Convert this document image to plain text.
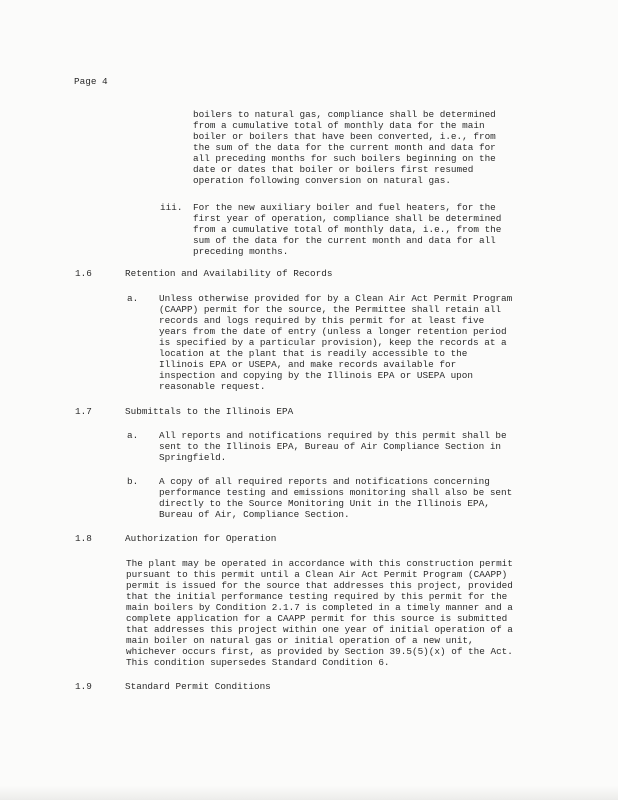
Page 4
boilers to natural gas, compliance shall be determined
from a cumulative total of monthly data for the main
boiler or boilers that have been converted, i.e., from
the sum of the data for the current month and data for
all preceding months for such boilers beginning on the
date or dates that boiler or boilers first resumed
operation following conversion on natural gas.
iii. For the new auxiliary boiler and fuel heaters, for the
first year of operation, compliance shall be determined
from a cumulative total of monthly data, i.e., from the
sum of the data for the current month and data for all
preceding months.
1.6	Retention and Availability of Records
a. Unless otherwise provided for by a Clean Air Act Permit Program
(CAAPP) permit for the source, the Permittee shall retain all
records and logs required by this permit for at least five
years from the date of entry (unless a longer retention period
is specified by a particular provision), keep the records at a
location at the plant that is readily accessible to the
Illinois EPA or USEPA, and make records available for
inspection and copying by the Illinois EPA or USEPA upon
reasonable request.
1.7	Submittals to the Illinois EPA
a. All reports and notifications required by this permit shall be
sent to the Illinois EPA, Bureau of Air Compliance Section in
Springfield.
b. A copy of all required reports and notifications concerning
performance testing and emissions monitoring shall also be sent
directly to the Source Monitoring Unit in the Illinois EPA,
Bureau of Air, Compliance Section.
1.8	Authorization for Operation
The plant may be operated in accordance with this construction permit
pursuant to this permit until a Clean Air Act Permit Program (CAAPP)
permit is issued for the source that addresses this project, provided
that the initial performance testing required by this permit for the
main boilers by Condition 2.1.7 is completed in a timely manner and a
complete application for a CAAPP permit for this source is submitted
that addresses this project within one year of initial operation of a
main boiler on natural gas or initial operation of a new unit,
whichever occurs first, as provided by Section 39.5(5)(x) of the Act.
This condition supersedes Standard Condition 6.
1.9	Standard Permit Conditions
